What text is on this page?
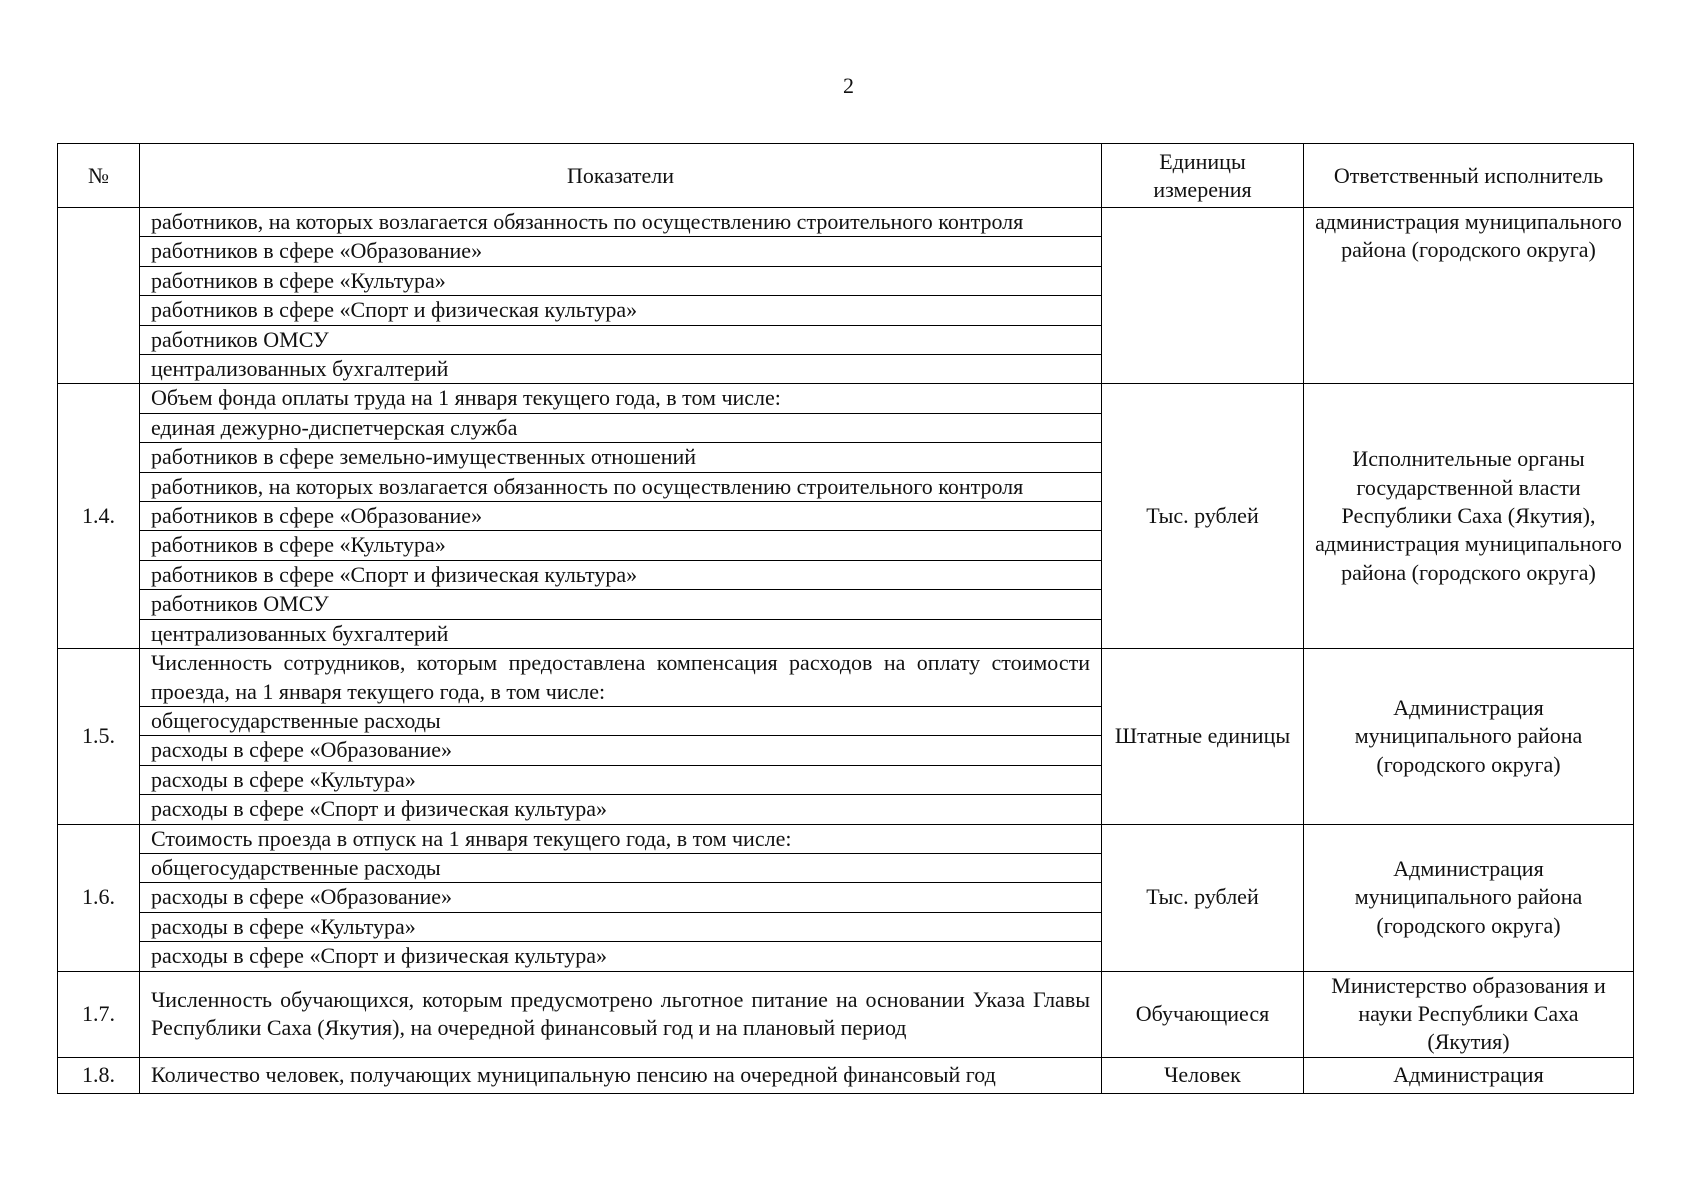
2
№	Показатели	Единицы измерения	Ответственный исполнитель
	работников, на которых возлагается обязанность по осуществлению строительного контроля		администрация муниципального района (городского округа)
	работников в сфере «Образование»		
	работников в сфере «Культура»		
	работников в сфере «Спорт и физическая культура»		
	работников ОМСУ		
	централизованных бухгалтерий		
1.4.	Объем фонда оплаты труда на 1 января текущего года, в том числе:	Тыс. рублей	Исполнительные органы государственной власти Республики Саха (Якутия), администрация муниципального района (городского округа)
	единая дежурно-диспетчерская служба		
	работников в сфере земельно-имущественных отношений		
	работников, на которых возлагается обязанность по осуществлению строительного контроля		
	работников в сфере «Образование»		
	работников в сфере «Культура»		
	работников в сфере «Спорт и физическая культура»		
	работников ОМСУ		
	централизованных бухгалтерий		
1.5.	Численность сотрудников, которым предоставлена компенсация расходов на оплату стоимости проезда, на 1 января текущего года, в том числе:	Штатные единицы	Администрация муниципального района (городского округа)
	общегосударственные расходы		
	расходы в сфере «Образование»		
	расходы в сфере «Культура»		
	расходы в сфере «Спорт и физическая культура»		
1.6.	Стоимость проезда в отпуск на 1 января текущего года, в том числе:	Тыс. рублей	Администрация муниципального района (городского округа)
	общегосударственные расходы		
	расходы в сфере «Образование»		
	расходы в сфере «Культура»		
	расходы в сфере «Спорт и физическая культура»		
1.7.	Численность обучающихся, которым предусмотрено льготное питание на основании Указа Главы Республики Саха (Якутия), на очередной финансовый год и на плановый период	Обучающиеся	Министерство образования и науки Республики Саха (Якутия)
1.8.	Количество человек, получающих муниципальную пенсию на очередной финансовый год	Человек	Администрация
